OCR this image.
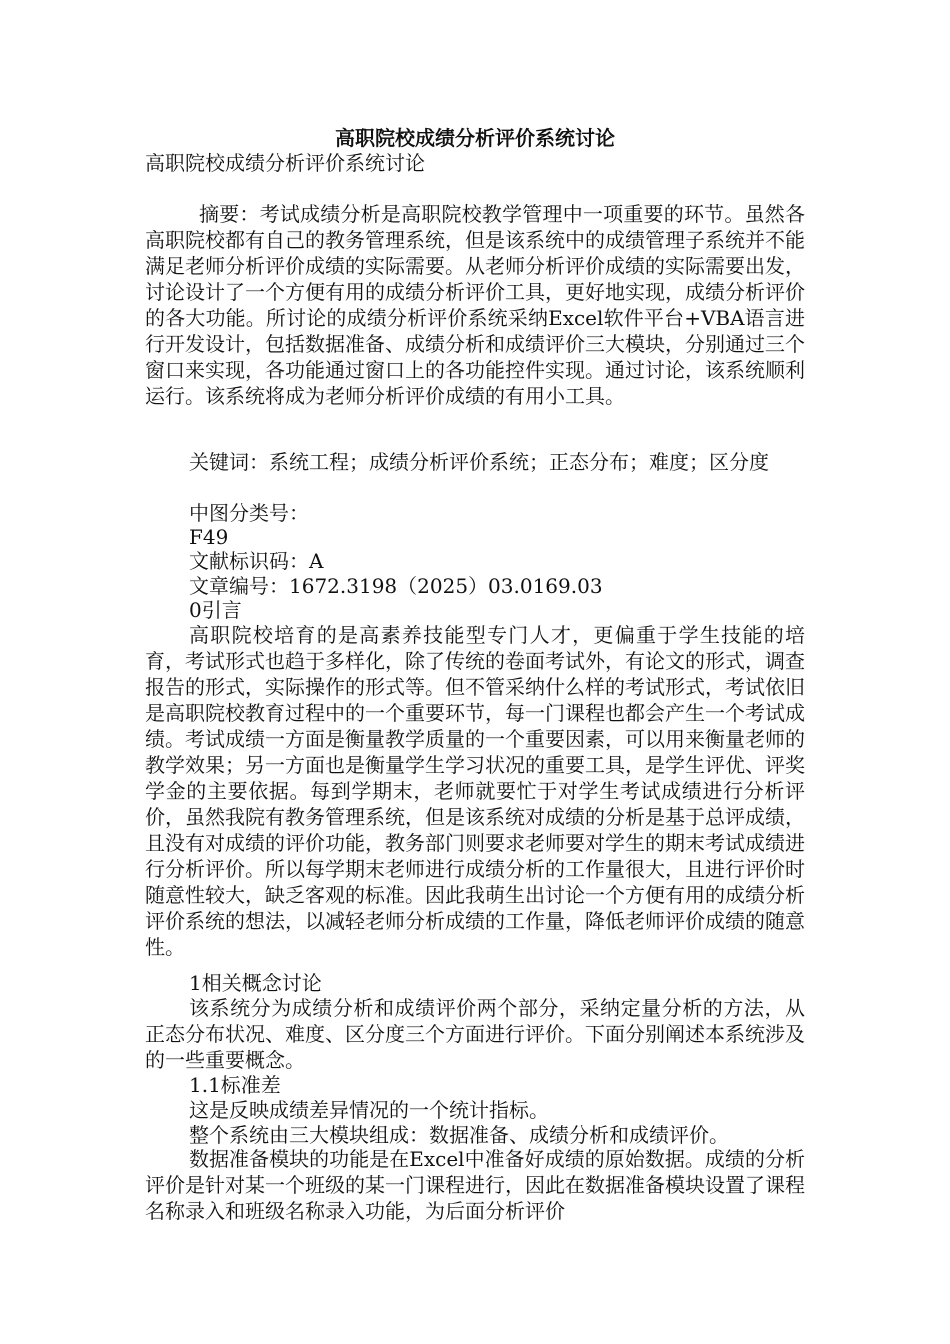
高职院校成绩分析评价系统讨论

高职院校成绩分析评价系统讨论

摘要：考试成绩分析是高职院校教学管理中一项重要的环节。虽然各高职院校都有自己的教务管理系统，但是该系统中的成绩管理子系统并不能满足老师分析评价成绩的实际需要。从老师分析评价成绩的实际需要出发，讨论设计了一个方便有用的成绩分析评价工具，更好地实现，成绩分析评价的各大功能。所讨论的成绩分析评价系统采纳Excel软件平台+VBA语言进行开发设计，包括数据准备、成绩分析和成绩评价三大模块，分别通过三个窗口来实现，各功能通过窗口上的各功能控件实现。通过讨论，该系统顺利运行。该系统将成为老师分析评价成绩的有用小工具。

关键词：系统工程；成绩分析评价系统；正态分布；难度；区分度

中图分类号：

F49

文献标识码：A

文章编号：1672.3198（2025）03.0169.03

0引言

高职院校培育的是高素养技能型专门人才，更偏重于学生技能的培育，考试形式也趋于多样化，除了传统的卷面考试外，有论文的形式，调查报告的形式，实际操作的形式等。但不管采纳什么样的考试形式，考试依旧是高职院校教育过程中的一个重要环节，每一门课程也都会产生一个考试成绩。考试成绩一方面是衡量教学质量的一个重要因素，可以用来衡量老师的教学效果；另一方面也是衡量学生学习状况的重要工具，是学生评优、评奖学金的主要依据。每到学期末，老师就要忙于对学生考试成绩进行分析评价，虽然我院有教务管理系统，但是该系统对成绩的分析是基于总评成绩，且没有对成绩的评价功能，教务部门则要求老师要对学生的期末考试成绩进行分析评价。所以每学期末老师进行成绩分析的工作量很大，且进行评价时随意性较大，缺乏客观的标准。因此我萌生出讨论一个方便有用的成绩分析评价系统的想法，以减轻老师分析成绩的工作量，降低老师评价成绩的随意性。

1相关概念讨论

该系统分为成绩分析和成绩评价两个部分，采纳定量分析的方法，从正态分布状况、难度、区分度三个方面进行评价。下面分别阐述本系统涉及的一些重要概念。

1.1标准差

这是反映成绩差异情况的一个统计指标。

整个系统由三大模块组成：数据准备、成绩分析和成绩评价。

数据准备模块的功能是在Excel中准备好成绩的原始数据。成绩的分析评价是针对某一个班级的某一门课程进行，因此在数据准备模块设置了课程名称录入和班级名称录入功能，为后面分析评价
